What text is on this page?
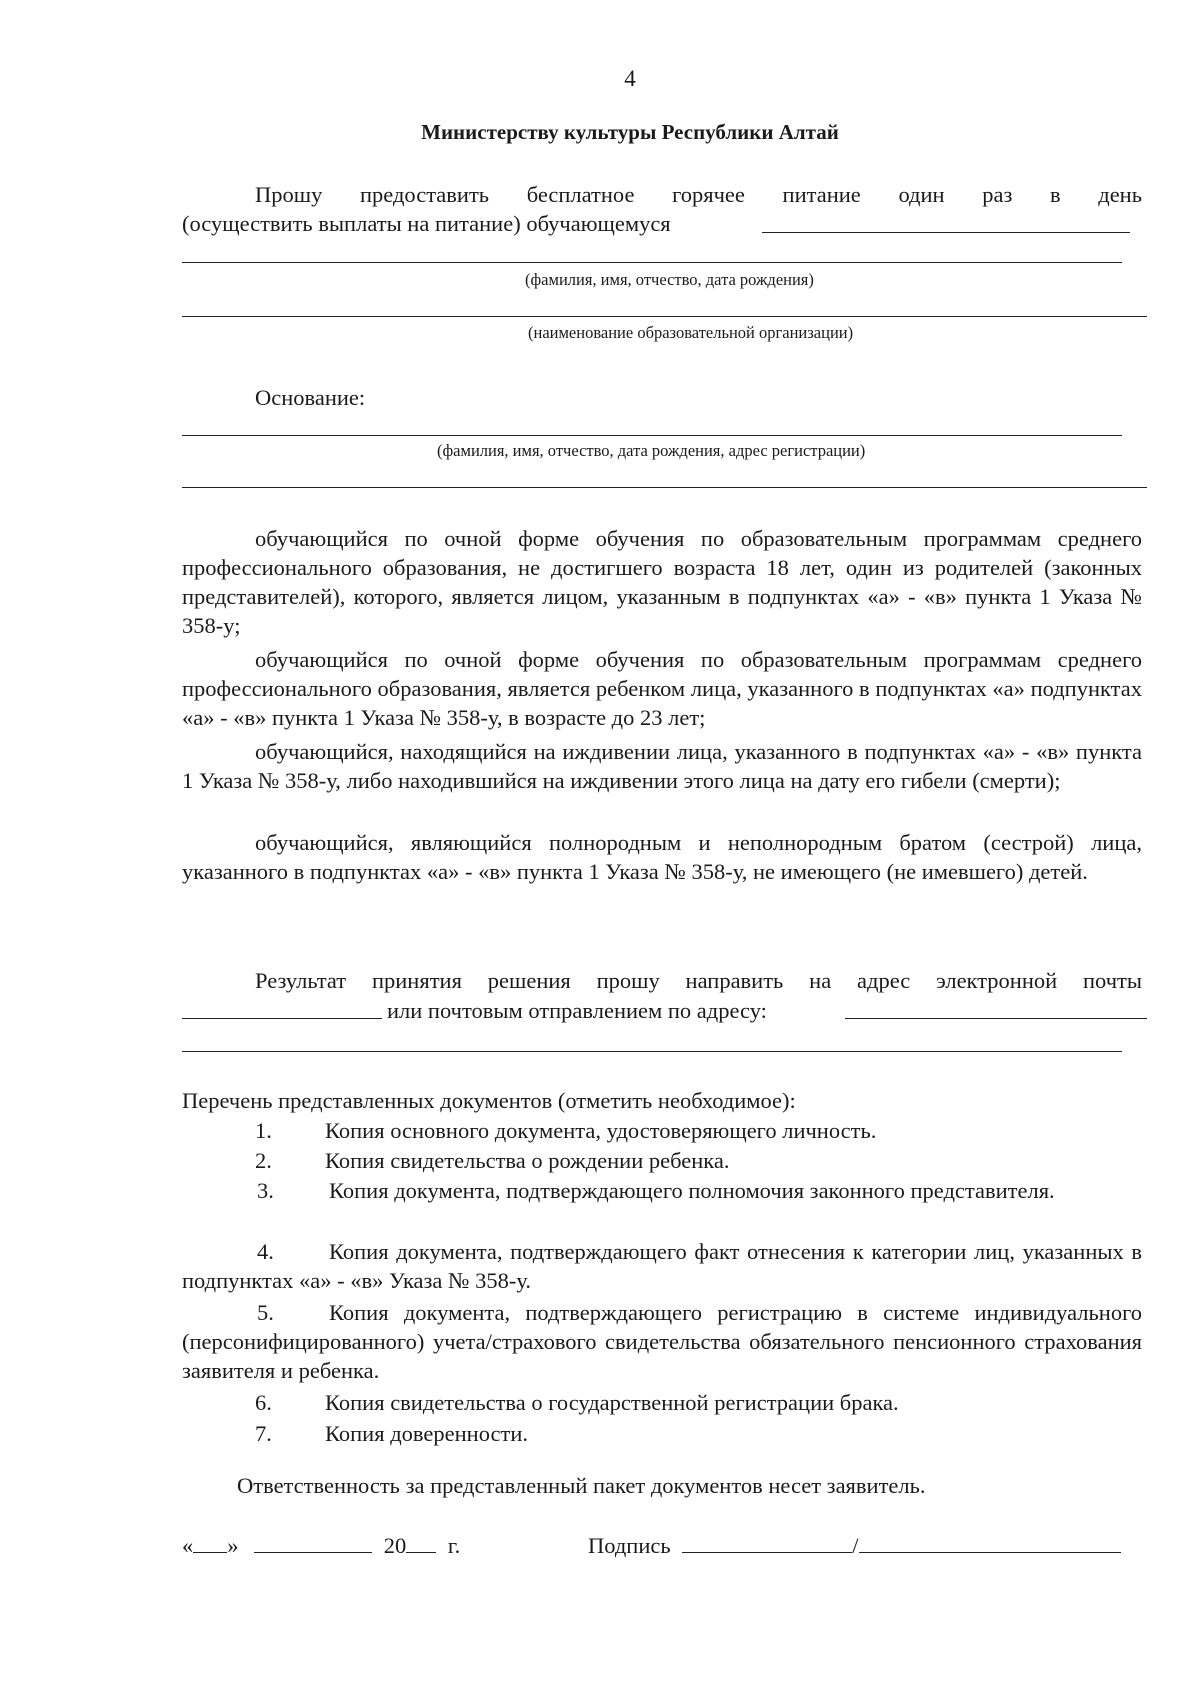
4
Министерству культуры Республики Алтай
Прошу предоставить бесплатное горячее питание один раз в день
(осуществить выплаты на питание) обучающемуся
(фамилия, имя, отчество, дата рождения)
(наименование образовательной организации)
Основание:
(фамилия, имя, отчество, дата рождения, адрес регистрации)

обучающийся по очной форме обучения по образовательным программам среднего профессионального образования, не достигшего возраста 18 лет, один из родителей (законных представителей), которого, является лицом, указанным в подпунктах «а» - «в» пункта 1 Указа № 358-у;

обучающийся по очной форме обучения по образовательным программам среднего профессионального образования, является ребенком лица, указанного в подпунктах «а» подпунктах «а» - «в» пункта 1 Указа № 358-у, в возрасте до 23 лет;

обучающийся, находящийся на иждивении лица, указанного в подпунктах «а» - «в» пункта 1 Указа № 358-у, либо находившийся на иждивении этого лица на дату его гибели (смерти);

обучающийся, являющийся полнородным и неполнородным братом (сестрой) лица, указанного в подпунктах «а» - «в» пункта 1 Указа № 358-у, не имеющего (не имевшего) детей.

Результат принятия решения прошу направить на адрес электронной почты

или почтовым отправлением по адресу:
Перечень представленных документов (отметить необходимое):
1. Копия основного документа, удостоверяющего личность.
2. Копия свидетельства о рождении ребенка.

3. Копия документа, подтверждающего полномочия законного представителя.

4. Копия документа, подтверждающего факт отнесения к категории лиц, указанных в подпунктах «а» - «в» Указа № 358-у.

5. Копия документа, подтверждающего регистрацию в системе индивидуального (персонифицированного) учета/страхового свидетельства обязательного пенсионного страхования заявителя и ребенка.

6. Копия свидетельства о государственной регистрации брака.
7. Копия доверенности.
Ответственность за представленный пакет документов несет заявитель.
« »	20 г.	Подпись	/
